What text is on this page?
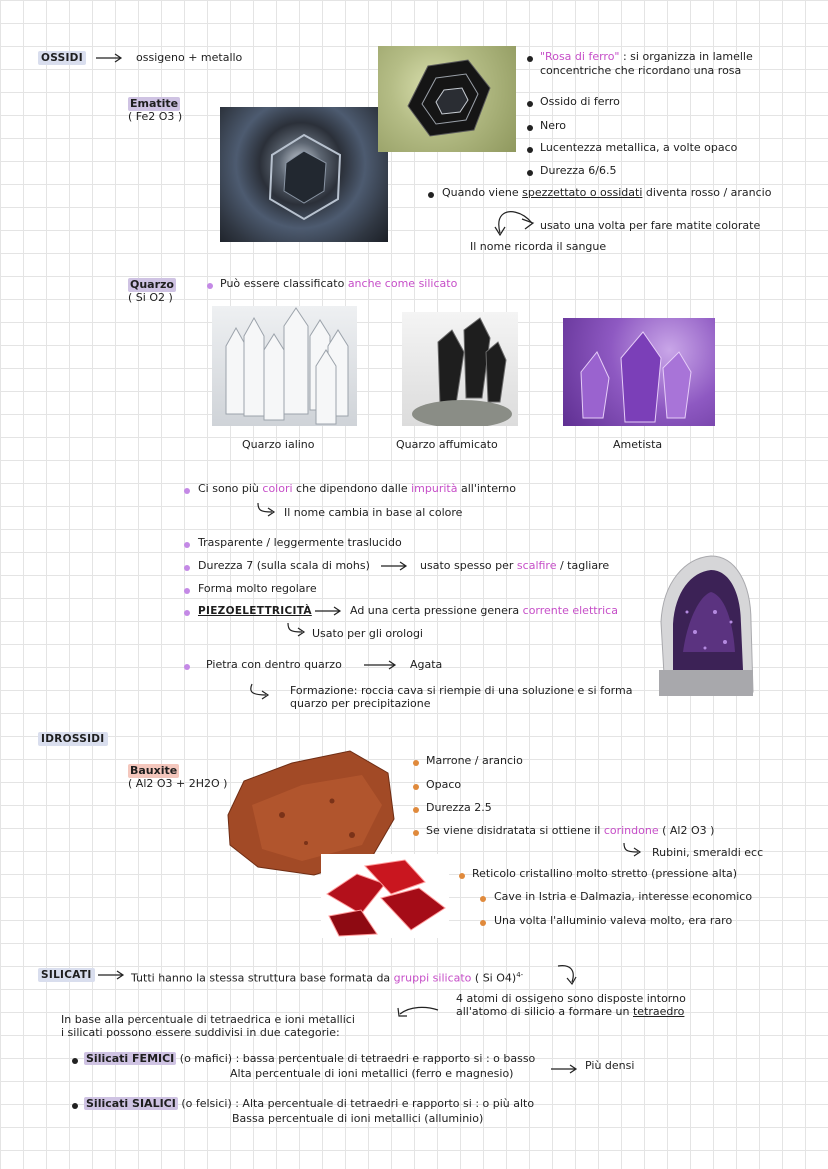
OSSIDI	ossigeno + metallo
Ematite
( Fe2 O3 )
"Rosa di ferro" : si organizza in lamelle
concentriche che ricordano una rosa
Ossido di ferro
Nero
Lucentezza metallica, a volte opaco
Durezza 6/6.5
Quando viene spezzettato o ossidati diventa rosso / arancio
usato una volta per fare matite colorate
Il nome ricorda il sangue
Quarzo
( Si O2 )
Può essere classificato anche come silicato
Quarzo ialino	Quarzo affumicato	Ametista
Ci sono più colori che dipendono dalle impurità all'interno
Il nome cambia in base al colore
Trasparente / leggermente traslucido
Durezza 7 (sulla scala di mohs)	usato spesso per scalfire / tagliare
Forma molto regolare
PIEZOELETTRICITÀ	Ad una certa pressione genera corrente elettrica
Usato per gli orologi
Pietra con dentro quarzo	Agata
Formazione: roccia cava si riempie di una soluzione e si forma
quarzo per precipitazione
IDROSSIDI
Bauxite
( Al2 O3 + 2H2O )
Marrone / arancio
Opaco
Durezza 2.5
Se viene disidratata si ottiene il corindone ( Al2 O3 )
Rubini, smeraldi ecc
Reticolo cristallino molto stretto (pressione alta)
Cave in Istria e Dalmazia, interesse economico
Una volta l'alluminio valeva molto, era raro
SILICATI	Tutti hanno la stessa struttura base formata da gruppi silicato ( Si O4)$^{4-}$
4 atomi di ossigeno sono disposte intorno
all'atomo di silicio a formare un tetraedro
In base alla percentuale di tetraedrica e ioni metallici
i silicati possono essere suddivisi in due categorie:
Silicati FEMICI (o mafici) : bassa percentuale di tetraedri e rapporto si : o basso
Alta percentuale di ioni metallici (ferro e magnesio)
Più densi
Silicati SIALICI (o felsici) : Alta percentuale di tetraedri e rapporto si : o più alto
Bassa percentuale di ioni metallici (alluminio)
